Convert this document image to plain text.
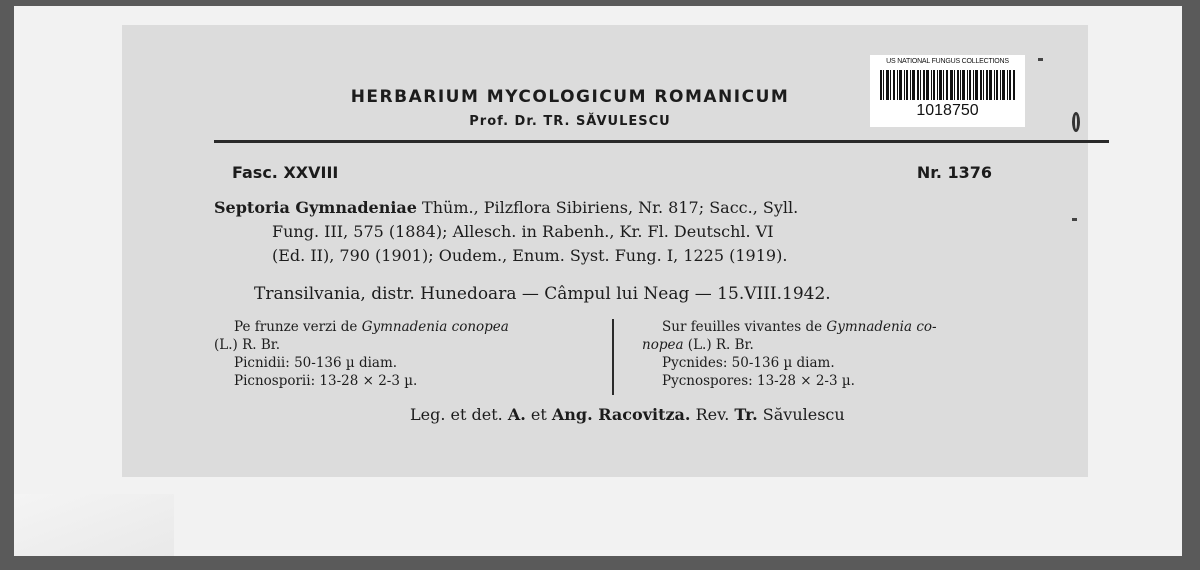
HERBARIUM MYCOLOGICUM ROMANICUM
Prof. Dr. TR. SĂVULESCU
US NATIONAL FUNGUS COLLECTIONS
1018750
Fasc. XXVIII	Nr. 1376
Septoria Gymnadeniae Thüm., Pilzflora Sibiriens, Nr. 817; Sacc., Syll.
Fung. III, 575 (1884); Allesch. in Rabenh., Kr. Fl. Deutschl. VI
(Ed. II), 790 (1901); Oudem., Enum. Syst. Fung. I, 1225 (1919).
Transilvania, distr. Hunedoara — Câmpul lui Neag — 15.VIII.1942.
Pe frunze verzi de Gymnadenia conopea
(L.) R. Br.
Picnidii: 50-136 µ diam.
Picnosporii: 13-28 × 2-3 µ.
Sur feuilles vivantes de Gymnadenia co-
nopea (L.) R. Br.
Pycnides: 50-136 µ diam.
Pycnospores: 13-28 × 2-3 µ.
Leg. et det. A. et Ang. Racovitza. Rev. Tr. Săvulescu
